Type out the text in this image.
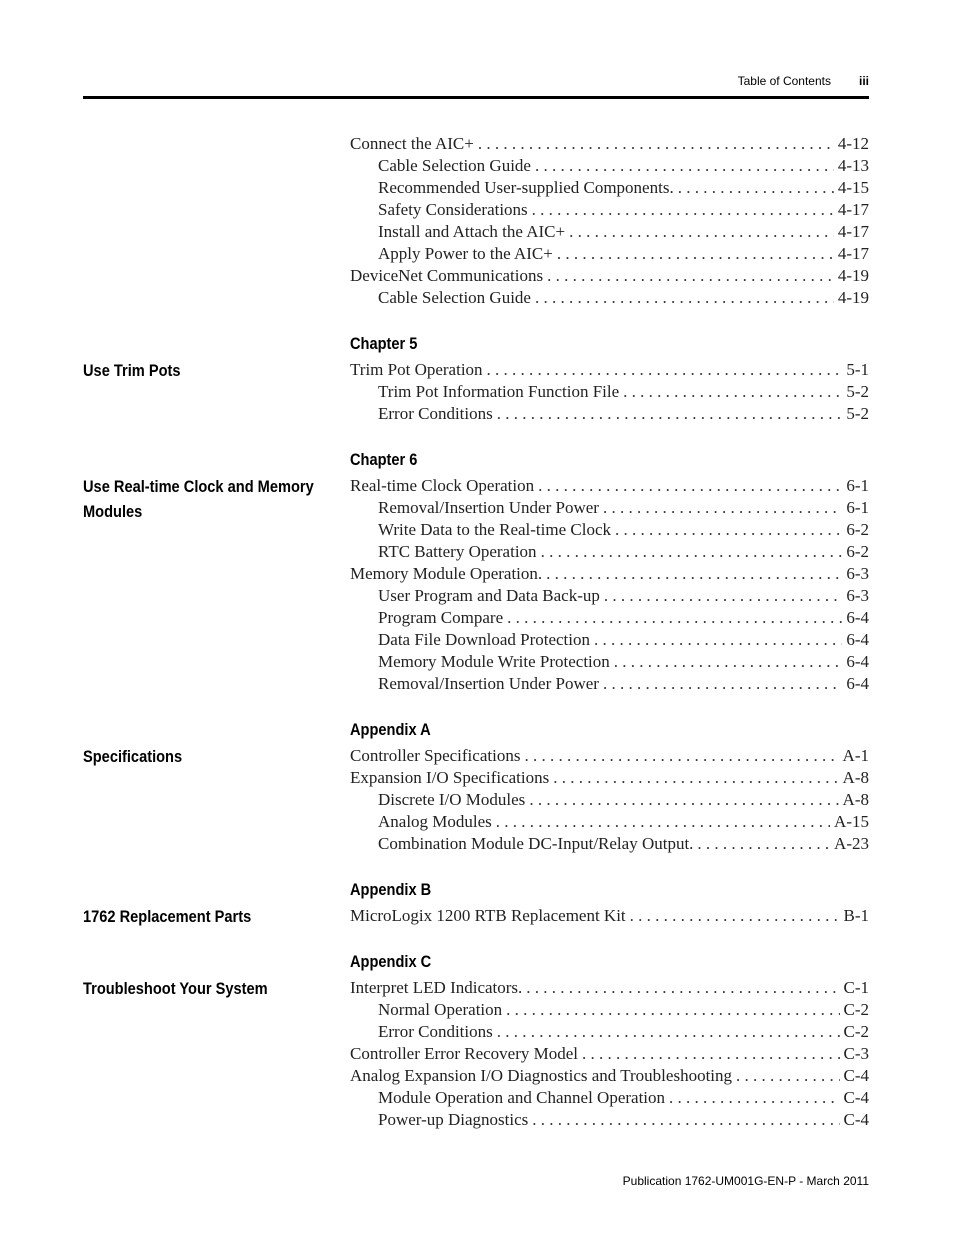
Table of Contents iii
Connect the AIC+ . . .	4-12
Cable Selection Guide . . .	4-13
Recommended User-supplied Components. . . .	4-15
Safety Considerations . . .	4-17
Install and Attach the AIC+ . . .	4-17
Apply Power to the AIC+ . . .	4-17
DeviceNet Communications . . .	4-19
Cable Selection Guide . . .	4-19
Chapter 5
Use Trim Pots	Trim Pot Operation . . .	5-1
Trim Pot Information Function File . . .	5-2
Error Conditions . . .	5-2
Chapter 6
Use Real-time Clock and Memory Modules
Real-time Clock Operation . . .	6-1
Removal/Insertion Under Power . . .	6-1
Write Data to the Real-time Clock . . .	6-2
RTC Battery Operation . . .	6-2
Memory Module Operation. . . .	6-3
User Program and Data Back-up . . .	6-3
Program Compare . . .	6-4
Data File Download Protection . . .	6-4
Memory Module Write Protection . . .	6-4
Removal/Insertion Under Power . . .	6-4
Appendix A
Specifications	Controller Specifications . . .	A-1
Expansion I/O Specifications . . .	A-8
Discrete I/O Modules . . .	A-8
Analog Modules . . .	A-15
Combination Module DC-Input/Relay Output. . . .	A-23
Appendix B
1762 Replacement Parts	MicroLogix 1200 RTB Replacement Kit . . .	B-1
Appendix C
Troubleshoot Your System	Interpret LED Indicators. . . .	C-1
Normal Operation . . .	C-2
Error Conditions . . .	C-2
Controller Error Recovery Model . . .	C-3
Analog Expansion I/O Diagnostics and Troubleshooting . . .	C-4
Module Operation and Channel Operation . . .	C-4
Power-up Diagnostics . . .	C-4
Publication 1762-UM001G-EN-P - March 2011
